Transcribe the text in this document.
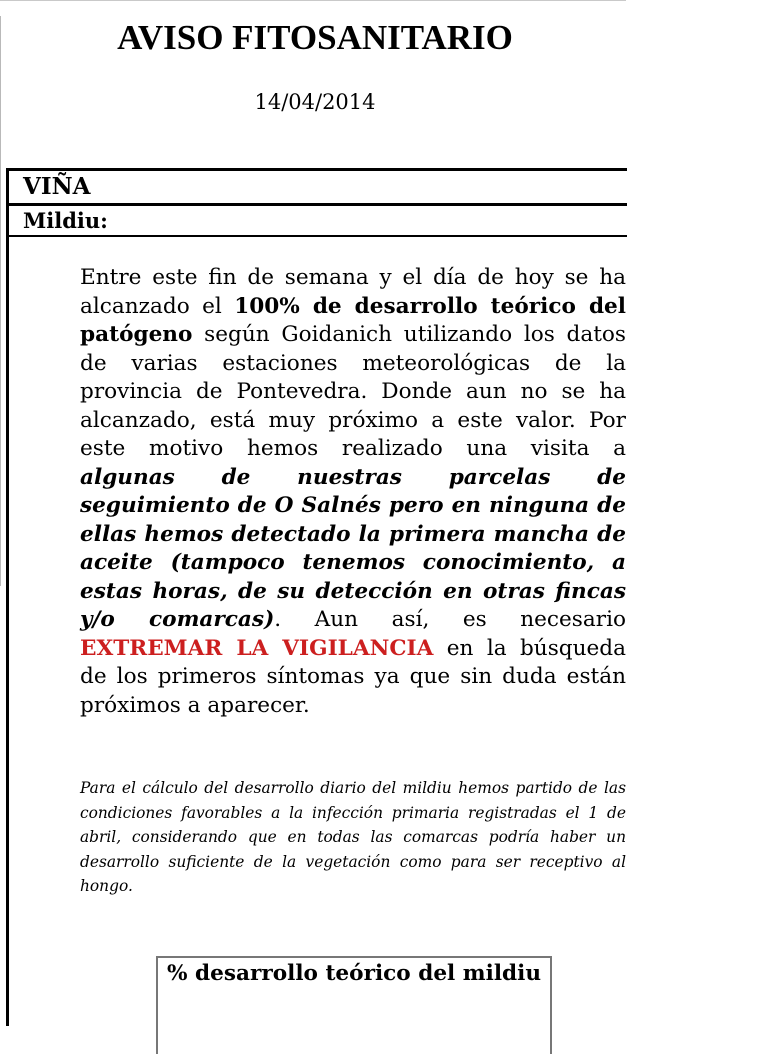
AVISO FITOSANITARIO
14/04/2014
VIÑA
Mildiu:

Entre este fin de semana y el día de hoy se ha alcanzado el 100% de desarrollo teórico del patógeno según Goidanich utilizando los datos de varias estaciones meteorológicas de la provincia de Pontevedra. Donde aun no se ha alcanzado, está muy próximo a este valor. Por este motivo hemos realizado una visita a algunas de nuestras parcelas de seguimiento de O Salnés pero en ninguna de ellas hemos detectado la primera mancha de aceite (tampoco tenemos conocimiento, a estas horas, de su detección en otras fincas y/o comarcas). Aun así, es necesario EXTREMAR LA VIGILANCIA en la búsqueda de los primeros síntomas ya que sin duda están próximos a aparecer.

Para el cálculo del desarrollo diario del mildiu hemos partido de las condiciones favorables a la infección primaria registradas el 1 de abril, considerando que en todas las comarcas podría haber un desarrollo suficiente de la vegetación como para ser receptivo al hongo.

% desarrollo teórico del mildiu
